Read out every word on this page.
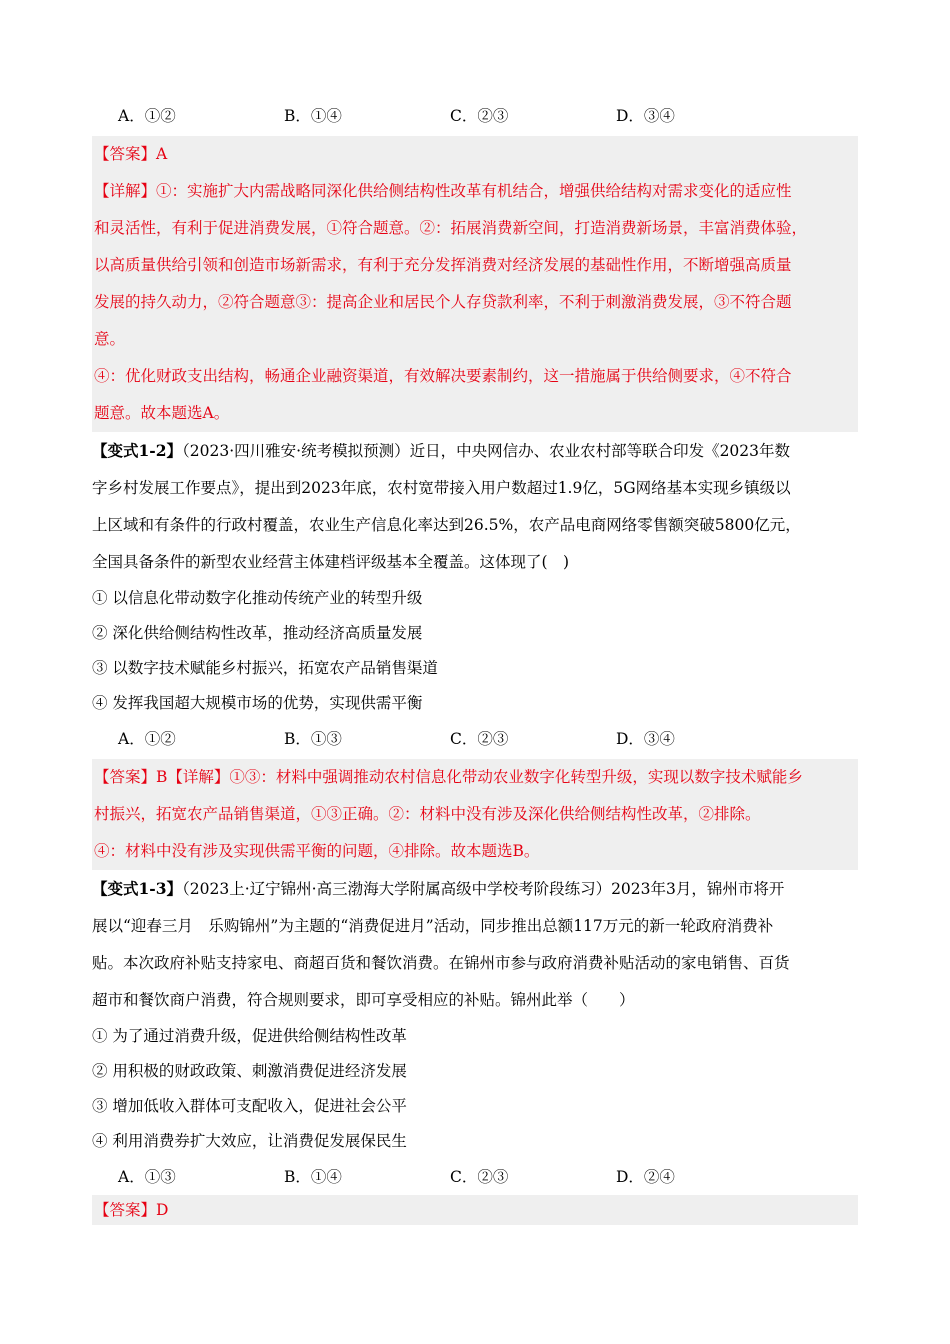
A．①②	B．①④	C．②③	D．③④

【答案】A

【详解】①：实施扩大内需战略同深化供给侧结构性改革有机结合，增强供给结构对需求变化的适应性

和灵活性，有利于促进消费发展，①符合题意。②：拓展消费新空间，打造消费新场景，丰富消费体验，

以高质量供给引领和创造市场新需求，有利于充分发挥消费对经济发展的基础性作用，不断增强高质量

发展的持久动力，②符合题意③：提高企业和居民个人存贷款利率，不利于刺激消费发展，③不符合题

意。

④：优化财政支出结构，畅通企业融资渠道，有效解决要素制约，这一措施属于供给侧要求，④不符合

题意。故本题选A。

【变式1-2】（2023·四川雅安·统考模拟预测）近日，中央网信办、农业农村部等联合印发《2023年数

字乡村发展工作要点》，提出到2023年底，农村宽带接入用户数超过1.9亿，5G网络基本实现乡镇级以

上区域和有条件的行政村覆盖，农业生产信息化率达到26.5%，农产品电商网络零售额突破5800亿元，

全国具备条件的新型农业经营主体建档评级基本全覆盖。这体现了(　)

① 以信息化带动数字化推动传统产业的转型升级

② 深化供给侧结构性改革，推动经济高质量发展

③ 以数字技术赋能乡村振兴，拓宽农产品销售渠道

④ 发挥我国超大规模市场的优势，实现供需平衡

A．①②	B．①③	C．②③	D．③④

【答案】B【详解】①③：材料中强调推动农村信息化带动农业数字化转型升级，实现以数字技术赋能乡

村振兴，拓宽农产品销售渠道，①③正确。②：材料中没有涉及深化供给侧结构性改革，②排除。

④：材料中没有涉及实现供需平衡的问题，④排除。故本题选B。

【变式1-3】（2023上·辽宁锦州·高三渤海大学附属高级中学校考阶段练习）2023年3月，锦州市将开

展以“迎春三月　乐购锦州”为主题的“消费促进月”活动，同步推出总额117万元的新一轮政府消费补

贴。本次政府补贴支持家电、商超百货和餐饮消费。在锦州市参与政府消费补贴活动的家电销售、百货

超市和餐饮商户消费，符合规则要求，即可享受相应的补贴。锦州此举（　　）

① 为了通过消费升级，促进供给侧结构性改革

② 用积极的财政政策、刺激消费促进经济发展

③ 增加低收入群体可支配收入，促进社会公平

④ 利用消费券扩大效应，让消费促发展保民生

A．①③	B．①④	C．②③	D．②④

【答案】D
